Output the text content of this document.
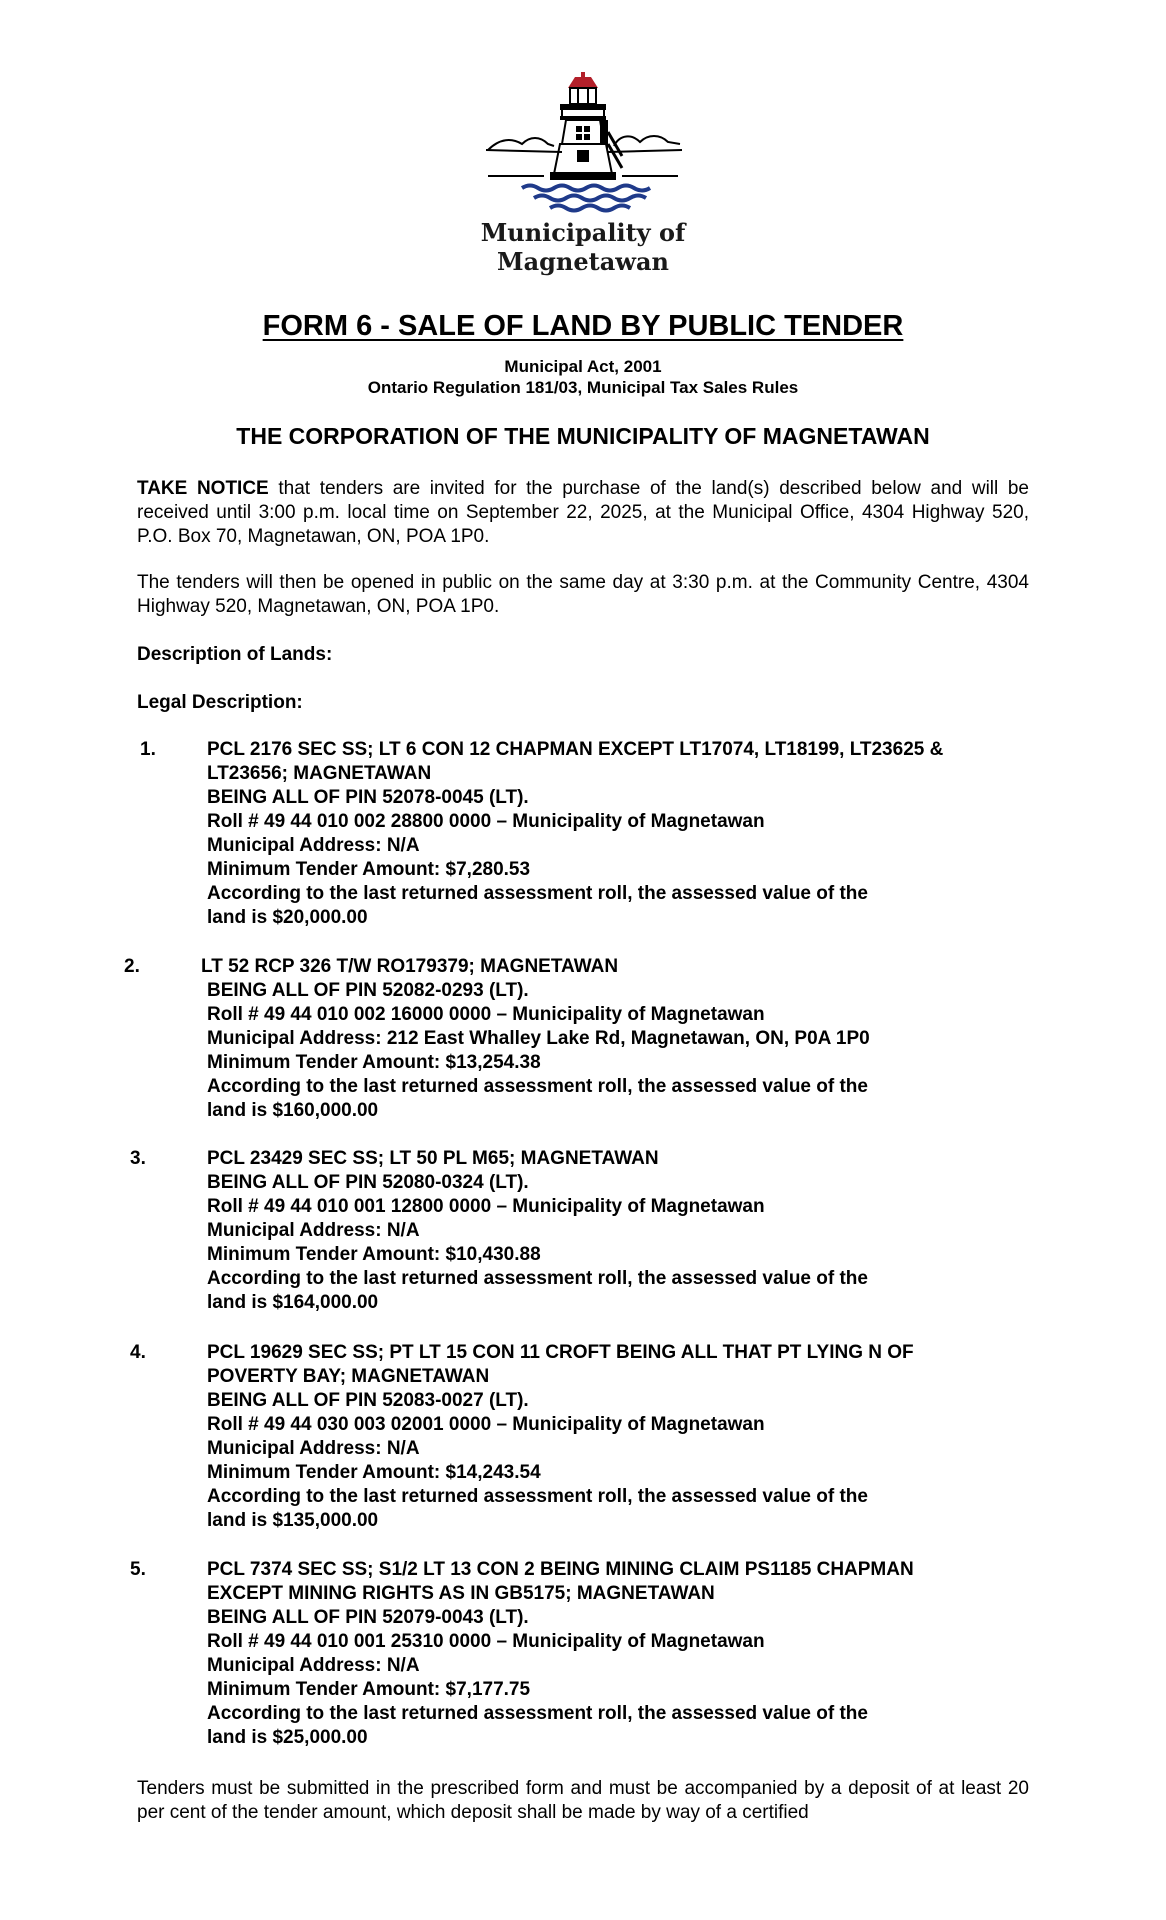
Municipality of
Magnetawan
FORM 6 - SALE OF LAND BY PUBLIC TENDER
Municipal Act, 2001
Ontario Regulation 181/03, Municipal Tax Sales Rules
THE CORPORATION OF THE MUNICIPALITY OF MAGNETAWAN
TAKE NOTICE that tenders are invited for the purchase of the land(s) described below and will be received until 3:00 p.m. local time on September 22, 2025, at the Municipal Office, 4304 Highway 520, P.O. Box 70, Magnetawan, ON, POA 1P0.
The tenders will then be opened in public on the same day at 3:30 p.m. at the Community Centre, 4304 Highway 520, Magnetawan, ON, POA 1P0.
Description of Lands:
Legal Description:
1.	PCL 2176 SEC SS; LT 6 CON 12 CHAPMAN EXCEPT LT17074, LT18199, LT23625 &
LT23656; MAGNETAWAN
BEING ALL OF PIN 52078-0045 (LT).
Roll # 49 44 010 002 28800 0000 – Municipality of Magnetawan
Municipal Address: N/A
Minimum Tender Amount: $7,280.53
According to the last returned assessment roll, the assessed value of the
land is $20,000.00
2.	LT 52 RCP 326 T/W RO179379; MAGNETAWAN
BEING ALL OF PIN 52082-0293 (LT).
Roll # 49 44 010 002 16000 0000 – Municipality of Magnetawan
Municipal Address: 212 East Whalley Lake Rd, Magnetawan, ON, P0A 1P0
Minimum Tender Amount: $13,254.38
According to the last returned assessment roll, the assessed value of the
land is $160,000.00
3.	PCL 23429 SEC SS; LT 50 PL M65; MAGNETAWAN
BEING ALL OF PIN 52080-0324 (LT).
Roll # 49 44 010 001 12800 0000 – Municipality of Magnetawan
Municipal Address: N/A
Minimum Tender Amount: $10,430.88
According to the last returned assessment roll, the assessed value of the
land is $164,000.00
4.	PCL 19629 SEC SS; PT LT 15 CON 11 CROFT BEING ALL THAT PT LYING N OF
POVERTY BAY; MAGNETAWAN
BEING ALL OF PIN 52083-0027 (LT).
Roll # 49 44 030 003 02001 0000 – Municipality of Magnetawan
Municipal Address: N/A
Minimum Tender Amount: $14,243.54
According to the last returned assessment roll, the assessed value of the
land is $135,000.00
5.	PCL 7374 SEC SS; S1/2 LT 13 CON 2 BEING MINING CLAIM PS1185 CHAPMAN
EXCEPT MINING RIGHTS AS IN GB5175; MAGNETAWAN
BEING ALL OF PIN 52079-0043 (LT).
Roll # 49 44 010 001 25310 0000 – Municipality of Magnetawan
Municipal Address: N/A
Minimum Tender Amount: $7,177.75
According to the last returned assessment roll, the assessed value of the
land is $25,000.00
Tenders must be submitted in the prescribed form and must be accompanied by a deposit of at least 20 per cent of the tender amount, which deposit shall be made by way of a certified
